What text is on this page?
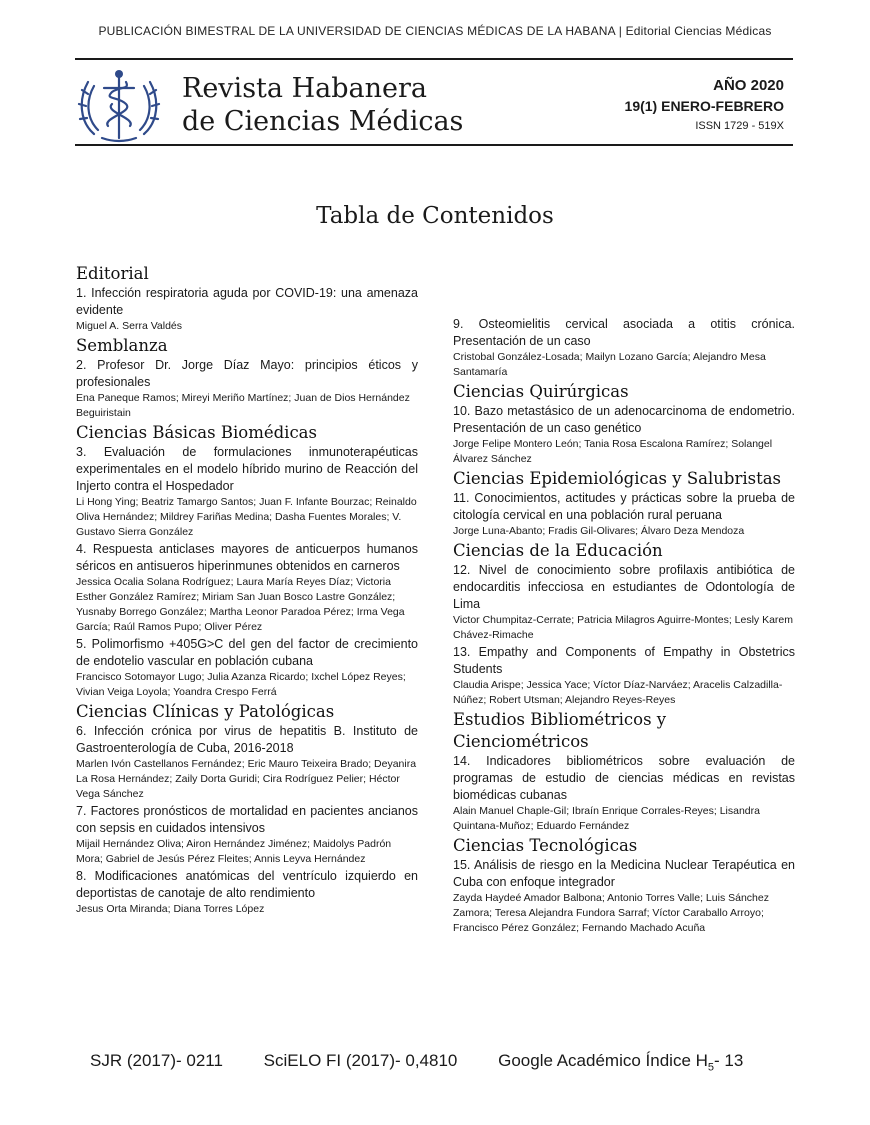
PUBLICACIÓN BIMESTRAL DE LA UNIVERSIDAD DE CIENCIAS MÉDICAS DE LA HABANA | Editorial Ciencias Médicas
Revista Habanera
de Ciencias Médicas
AÑO 2020
19(1) ENERO-FEBRERO
ISSN 1729 - 519X
Tabla de Contenidos
Editorial
1. Infección respiratoria aguda por COVID-19: una amenaza evidente
Miguel A. Serra Valdés
Semblanza
2. Profesor Dr. Jorge Díaz Mayo: principios éticos y profesionales
Ena Paneque Ramos; Mireyi Meriño Martínez; Juan de Dios Hernández Beguiristain
Ciencias Básicas Biomédicas
3. Evaluación de formulaciones inmunoterapéuticas experimentales en el modelo híbrido murino de Reacción del Injerto contra el Hospedador
Li Hong Ying; Beatriz Tamargo Santos; Juan F. Infante Bourzac; Reinaldo Oliva Hernández; Mildrey Fariñas Medina; Dasha Fuentes Morales; V. Gustavo Sierra González
4. Respuesta anticlases mayores de anticuerpos humanos séricos en antisueros hiperinmunes obtenidos en carneros
Jessica Ocalia Solana Rodríguez; Laura María Reyes Díaz; Victoria Esther González Ramírez; Miriam San Juan Bosco Lastre González; Yusnaby Borrego González; Martha Leonor Paradoa Pérez; Irma Vega García; Raúl Ramos Pupo; Oliver Pérez
5. Polimorfismo +405G>C del gen del factor de crecimiento de endotelio vascular en población cubana
Francisco Sotomayor Lugo; Julia Azanza Ricardo; Ixchel López Reyes; Vivian Veiga Loyola; Yoandra Crespo Ferrá
Ciencias Clínicas y Patológicas
6. Infección crónica por virus de hepatitis B. Instituto de Gastroenterología de Cuba, 2016-2018
Marlen Ivón Castellanos Fernández; Eric Mauro Teixeira Brado; Deyanira La Rosa Hernández; Zaily Dorta Guridi; Cira Rodríguez Pelier; Héctor Vega Sánchez
7. Factores pronósticos de mortalidad en pacientes ancianos con sepsis en cuidados intensivos
Mijail Hernández Oliva; Airon Hernández Jiménez; Maidolys Padrón Mora; Gabriel de Jesús Pérez Fleites; Annis Leyva Hernández
8. Modificaciones anatómicas del ventrículo izquierdo en deportistas de canotaje de alto rendimiento
Jesus Orta Miranda; Diana Torres López
9. Osteomielitis cervical asociada a otitis crónica. Presentación de un caso
Cristobal González-Losada; Mailyn Lozano García; Alejandro Mesa Santamaría
Ciencias Quirúrgicas
10. Bazo metastásico de un adenocarcinoma de endometrio. Presentación de un caso genético
Jorge Felipe Montero León; Tania Rosa Escalona Ramírez; Solangel Álvarez Sánchez
Ciencias Epidemiológicas y Salubristas
11. Conocimientos, actitudes y prácticas sobre la prueba de citología cervical en una población rural peruana
Jorge Luna-Abanto; Fradis Gil-Olivares; Álvaro Deza Mendoza
Ciencias de la Educación
12. Nivel de conocimiento sobre profilaxis antibiótica de endocarditis infecciosa en estudiantes de Odontología de Lima
Victor Chumpitaz-Cerrate; Patricia Milagros Aguirre-Montes; Lesly Karem Chávez-Rimache
13. Empathy and Components of Empathy in Obstetrics Students
Claudia Arispe; Jessica Yace; Víctor Díaz-Narváez; Aracelis Calzadilla-Núñez; Robert Utsman; Alejandro Reyes-Reyes
Estudios Bibliométricos y Cienciométricos
14. Indicadores bibliométricos sobre evaluación de programas de estudio de ciencias médicas en revistas biomédicas cubanas
Alain Manuel Chaple-Gil; Ibraín Enrique Corrales-Reyes; Lisandra Quintana-Muñoz; Eduardo Fernández
Ciencias Tecnológicas
15. Análisis de riesgo en la Medicina Nuclear Terapéutica en Cuba con enfoque integrador
Zayda Haydeé Amador Balbona; Antonio Torres Valle; Luis Sánchez Zamora; Teresa Alejandra Fundora Sarraf; Víctor Caraballo Arroyo; Francisco Pérez González; Fernando Machado Acuña
SJR (2017)- 0211 SciELO FI (2017)- 0,4810 Google Académico Índice $H_5-$ 13
